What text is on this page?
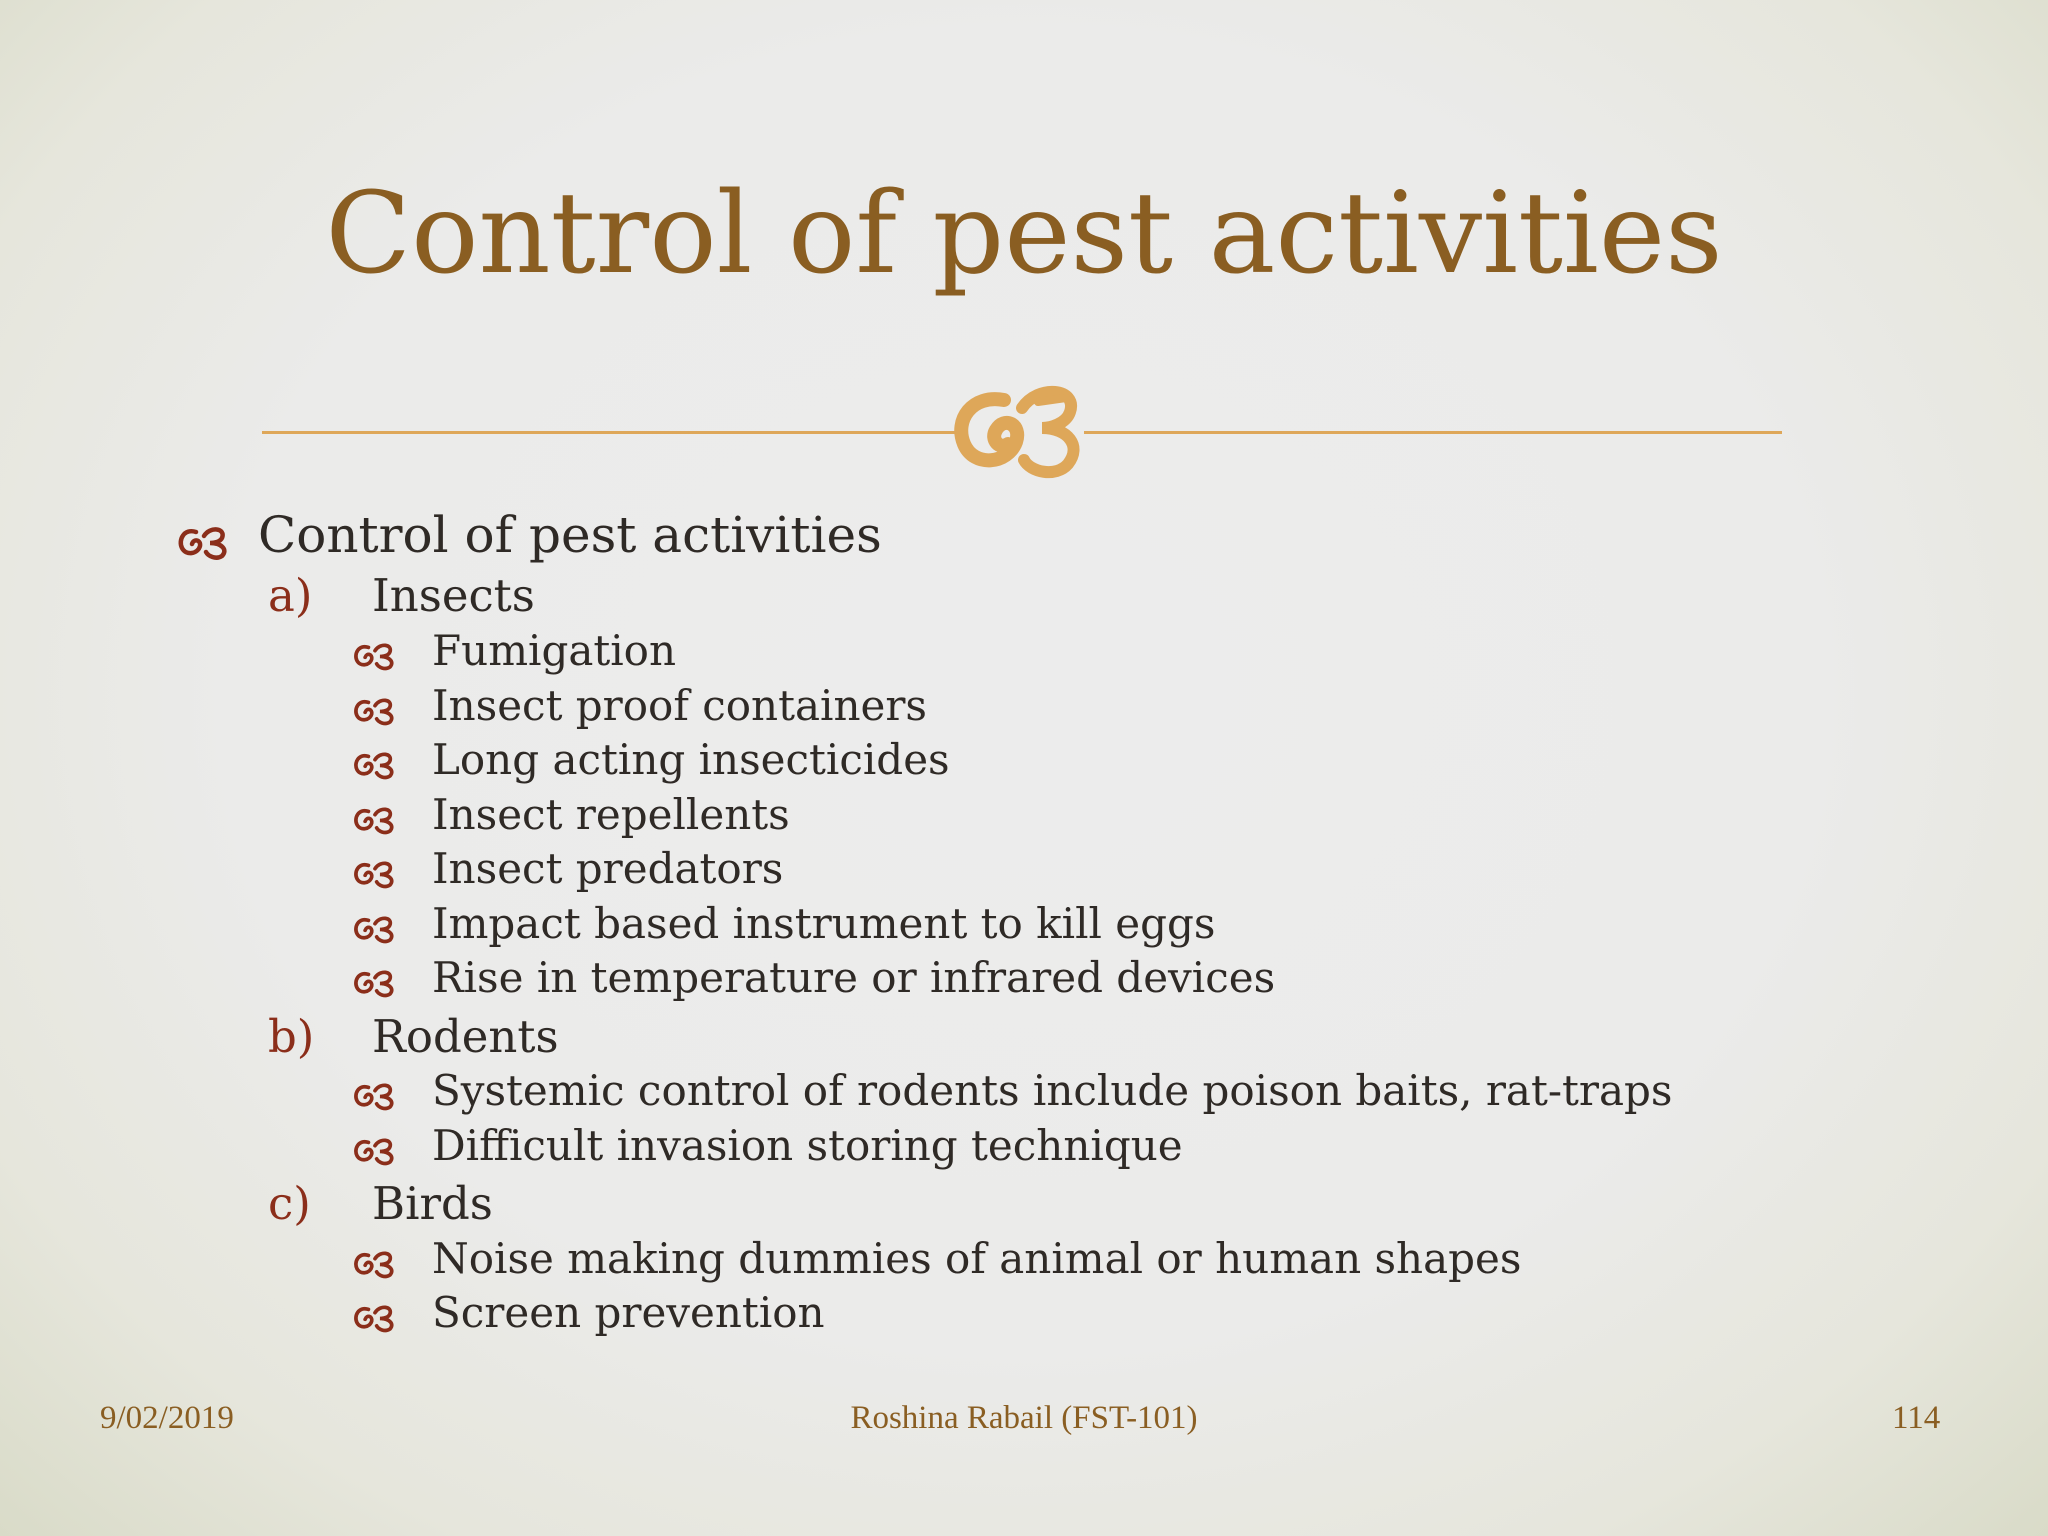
Control of pest activities
Control of pest activities
a) Insects
Fumigation
Insect proof containers
Long acting insecticides
Insect repellents
Insect predators
Impact based instrument to kill eggs
Rise in temperature or infrared devices
b) Rodents
Systemic control of rodents include poison baits, rat-traps
Difficult invasion storing technique
c) Birds
Noise making dummies of animal or human shapes
Screen prevention
9/02/2019	Roshina Rabail (FST-101)	114
